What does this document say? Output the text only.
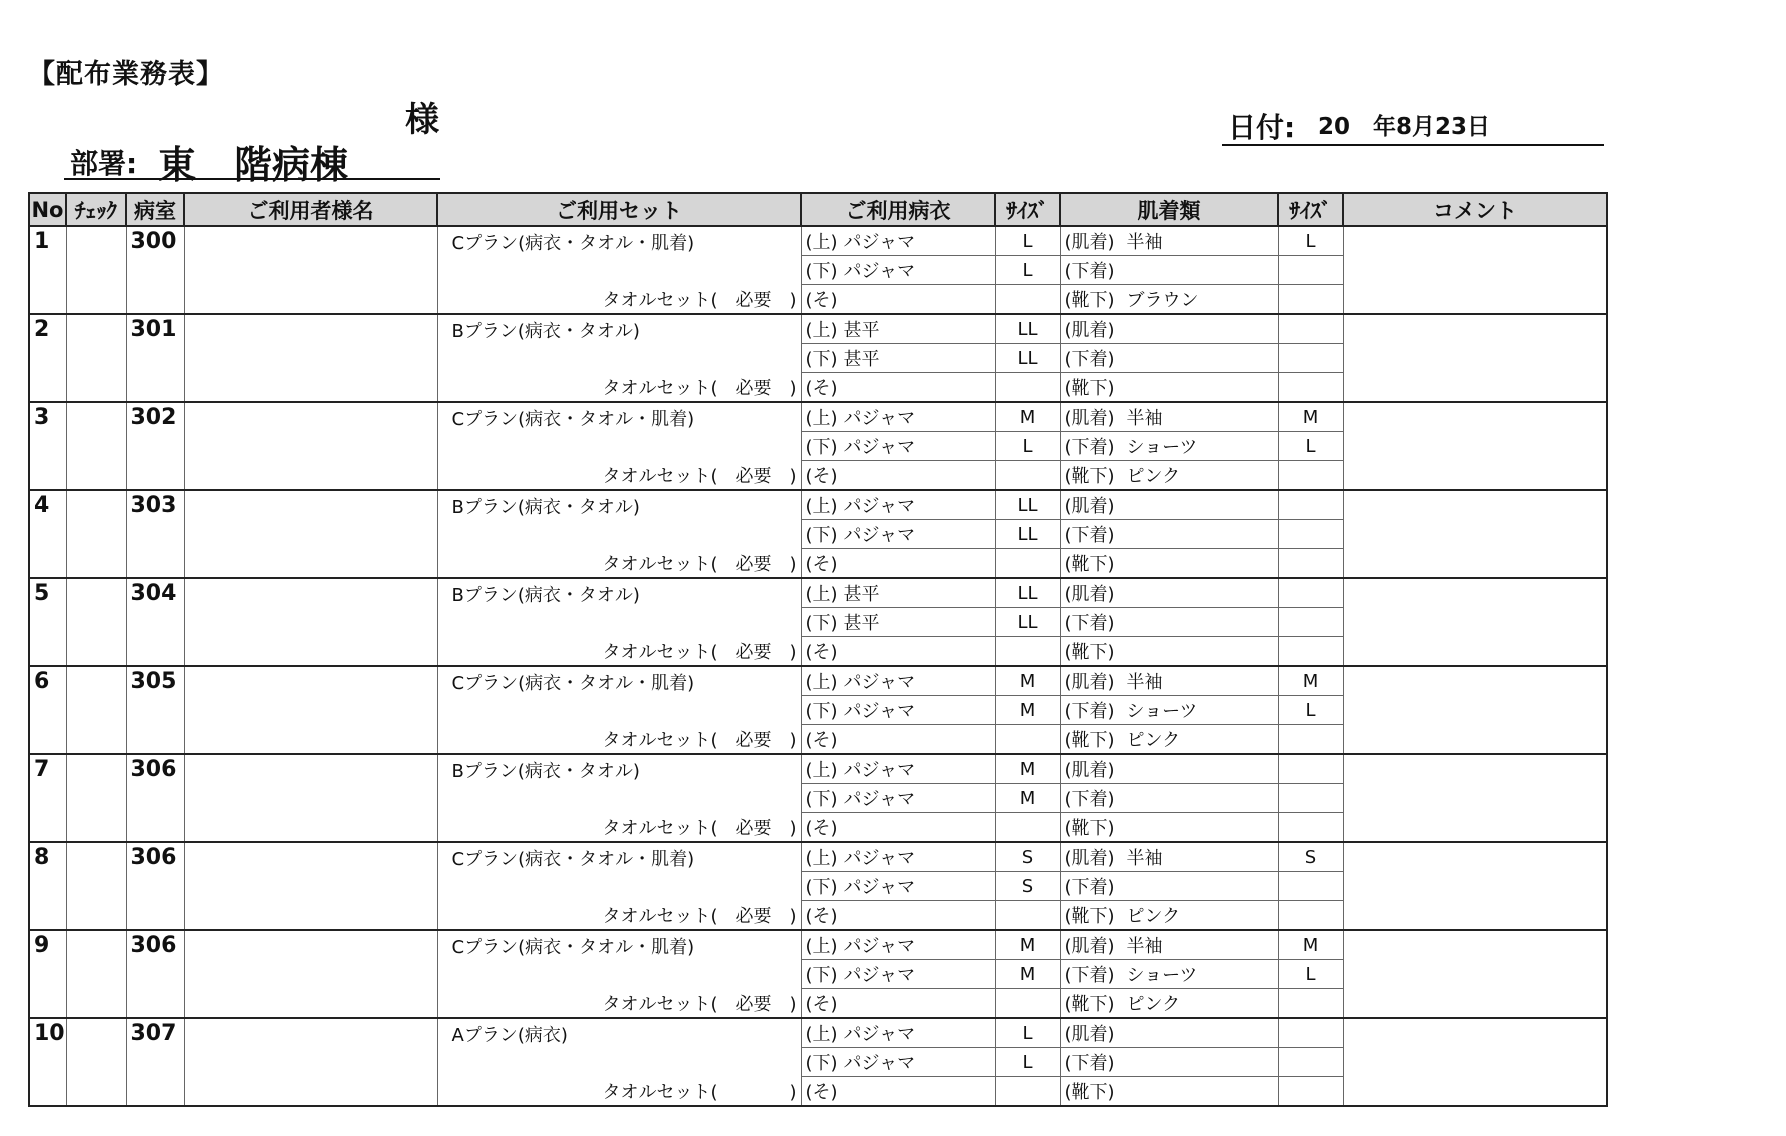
【配布業務表】
様
部署: 東　階病棟
日付: 20　年8月23日
No	ﾁｪｯｸ	病室	ご利用者様名	ご利用セット	ご利用病衣	ｻｲｽﾞ	肌着類	ｻｲｽﾞ	コメント
1		300		Cプラン(病衣・タオル・肌着)	(上) パジャマ	L	(肌着) 半袖	L	
					(下) パジャマ	L	(下着)		
				タオルセット(　必要　)	(そ)		(靴下) ブラウン		
2		301		Bプラン(病衣・タオル)	(上) 甚平	LL	(肌着)		
					(下) 甚平	LL	(下着)		
				タオルセット(　必要　)	(そ)		(靴下)		
3		302		Cプラン(病衣・タオル・肌着)	(上) パジャマ	M	(肌着) 半袖	M	
					(下) パジャマ	L	(下着) ショーツ	L	
				タオルセット(　必要　)	(そ)		(靴下) ピンク		
4		303		Bプラン(病衣・タオル)	(上) パジャマ	LL	(肌着)		
					(下) パジャマ	LL	(下着)		
				タオルセット(　必要　)	(そ)		(靴下)		
5		304		Bプラン(病衣・タオル)	(上) 甚平	LL	(肌着)		
					(下) 甚平	LL	(下着)		
				タオルセット(　必要　)	(そ)		(靴下)		
6		305		Cプラン(病衣・タオル・肌着)	(上) パジャマ	M	(肌着) 半袖	M	
					(下) パジャマ	M	(下着) ショーツ	L	
				タオルセット(　必要　)	(そ)		(靴下) ピンク		
7		306		Bプラン(病衣・タオル)	(上) パジャマ	M	(肌着)		
					(下) パジャマ	M	(下着)		
				タオルセット(　必要　)	(そ)		(靴下)		
8		306		Cプラン(病衣・タオル・肌着)	(上) パジャマ	S	(肌着) 半袖	S	
					(下) パジャマ	S	(下着)		
				タオルセット(　必要　)	(そ)		(靴下) ピンク		
9		306		Cプラン(病衣・タオル・肌着)	(上) パジャマ	M	(肌着) 半袖	M	
					(下) パジャマ	M	(下着) ショーツ	L	
				タオルセット(　必要　)	(そ)		(靴下) ピンク		
10		307		Aプラン(病衣)	(上) パジャマ	L	(肌着)		
					(下) パジャマ	L	(下着)		
				タオルセット(　　　　)	(そ)		(靴下)		
